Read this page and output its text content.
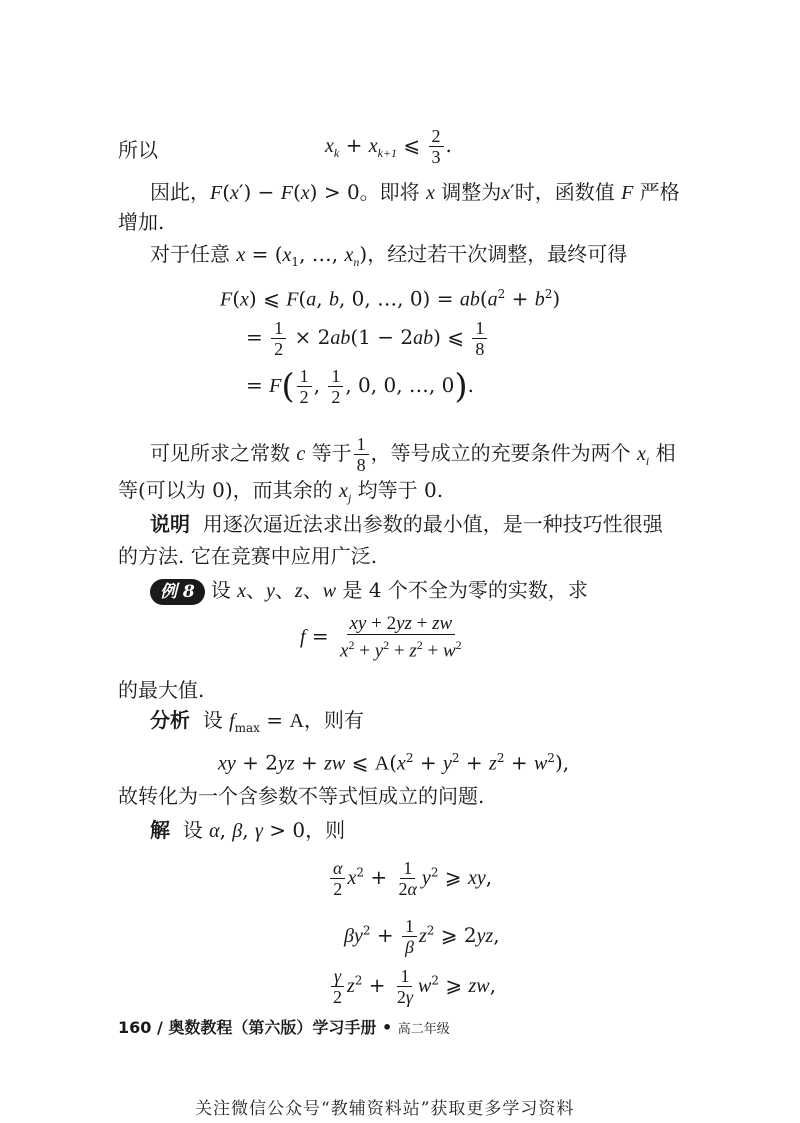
所以	$x_k + x_{k+1}$ ⩽ $\frac{2}{3}$ .
因此，F(x′) − F(x) > 0。即将 x 调整为x′时，函数值 F 严格
增加.
对于任意 $x = (x_1$, …, $x_n$)，经过若干次调整，最终可得
F(x) ⩽ F(a, b, 0, …, $0) = ab(a^2 + b^2)$
= $\frac{1}{2} \times 2ab(1 - 2ab)$ ⩽ $\frac{1}{8}$
= $F( \frac{1}{2}$ , $\frac{1}{2}$ , 0, 0, …, 0).
可见所求之常数 c 等于 $\frac{1}{8}$ ，等号成立的充要条件为两个 $x_i$ 相
等(可以为 0)，而其余的 $x_j$ 均等于 0.
说明 用逐次逼近法求出参数的最小值，是一种技巧性很强
的方法. 它在竞赛中应用广泛.
例 8 设 x、y、z、w 是 4 个不全为零的实数，求
$f = \frac{xy + 2yz + zw}{x^2 + y^2 + z^2 + w^2}$
的最大值.
分析 设 $f_{max} = A$，则有
xy + 2yz + zw ⩽ $A(x^2 + y^2 + z^2 + w^2)$,
故转化为一个含参数不等式恒成立的问题.
解 设 α, β, γ > 0，则
$\frac{\alpha}{2} x^2 + \frac{1}{2\alpha} y^2$ ⩾ xy,
$\beta y^2 + \frac{1}{\beta} z^2$ ⩾ 2yz,
$\frac{\gamma}{2} z^2 + \frac{1}{2\gamma} w^2$ ⩾ zw,
160 / 奥数教程（第六版）学习手册 • 高二年级
关注微信公众号“教辅资料站”获取更多学习资料
